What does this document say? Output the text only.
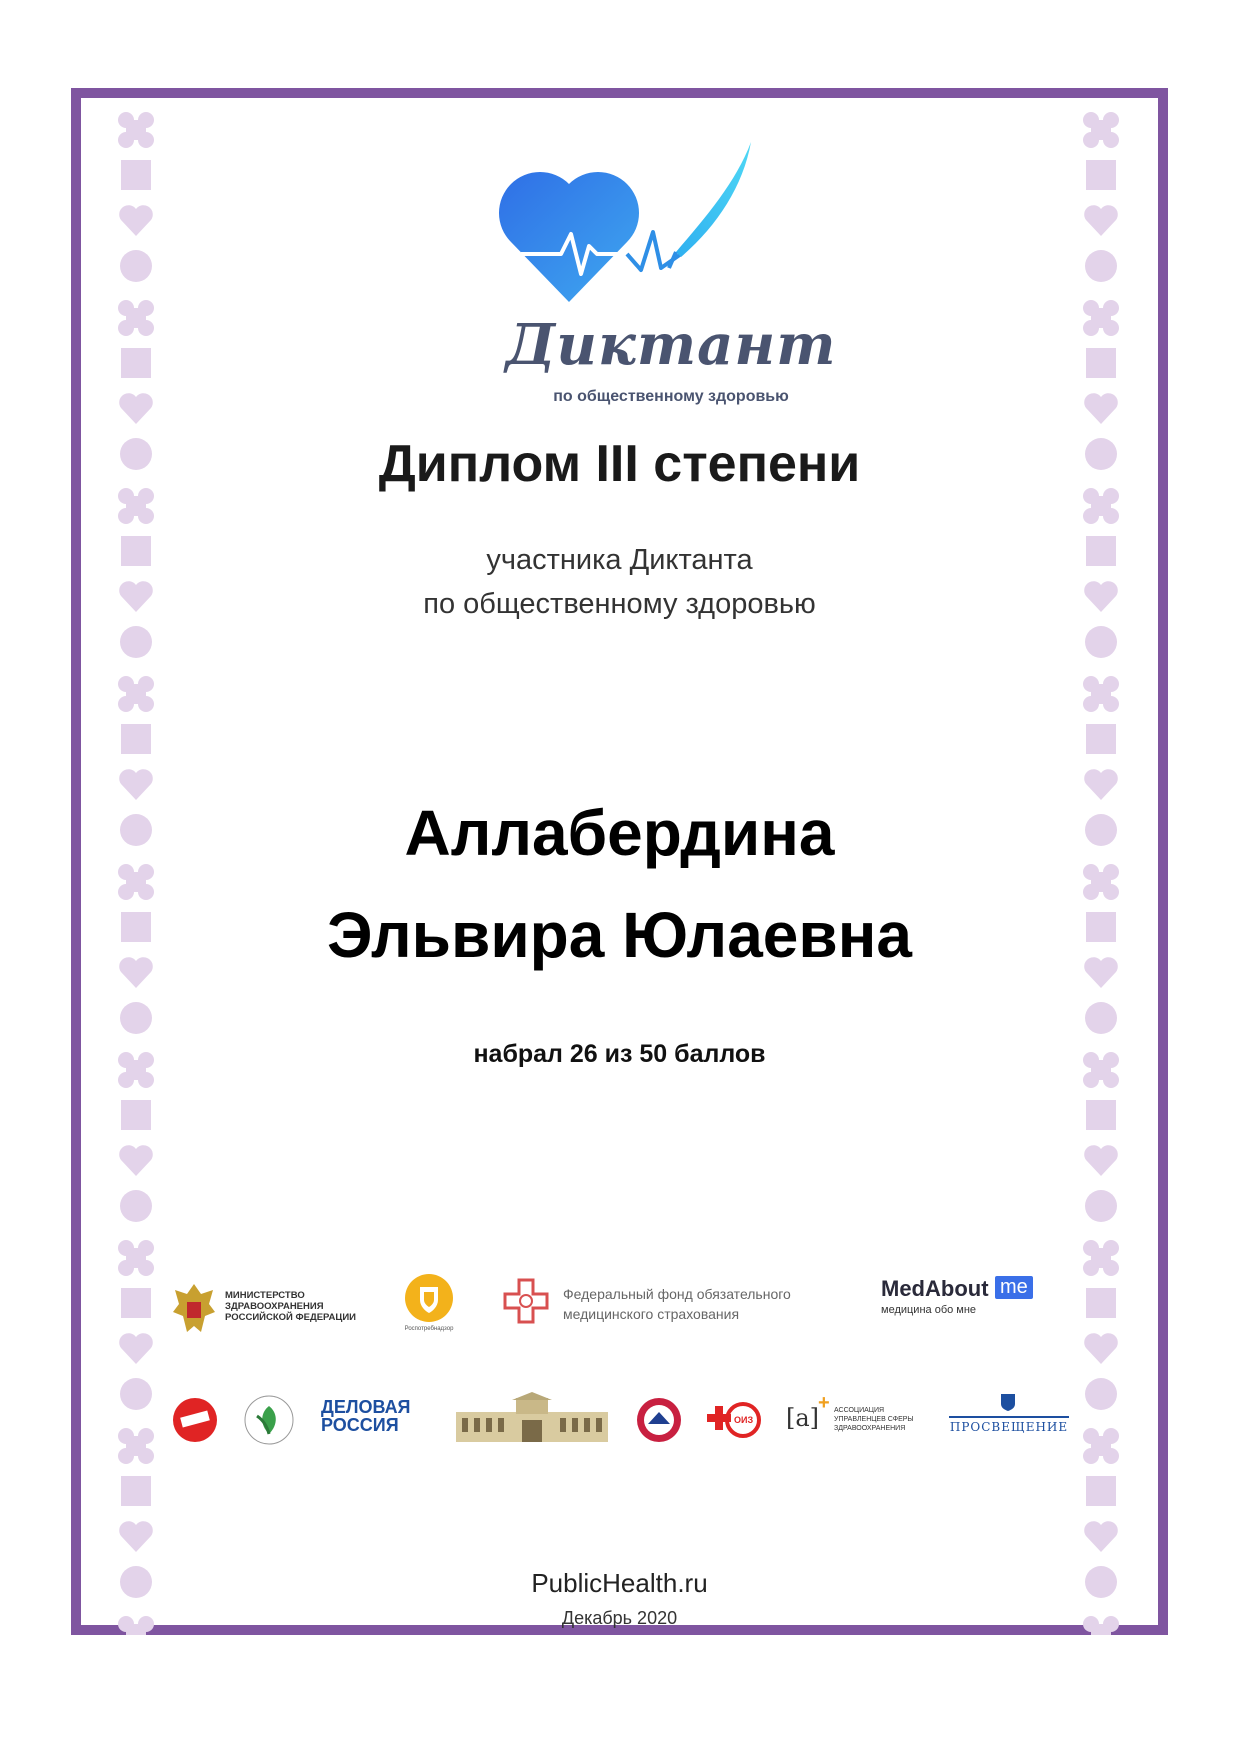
Диктант
по общественному здоровью
Диплом III степени
участника Диктанта
по общественному здоровью
Аллабердина
Эльвира Юлаевна
набрал 26 из 50 баллов
МИНИСТЕРСТВО
ЗДРАВООХРАНЕНИЯ
РОССИЙСКОЙ ФЕДЕРАЦИИ
Роспотребнадзор
Федеральный фонд обязательного
медицинского страхования
MedAbout me
медицина обо мне
ДЕЛОВАЯ
РОССИЯ	ОИЗ [a]
+ АССОЦИАЦИЯ
УПРАВЛЕНЦЕВ СФЕРЫ
ЗДРАВООХРАНЕНИЯ	ПРОСВЕЩЕНИЕ
PublicHealth.ru
Декабрь 2020
